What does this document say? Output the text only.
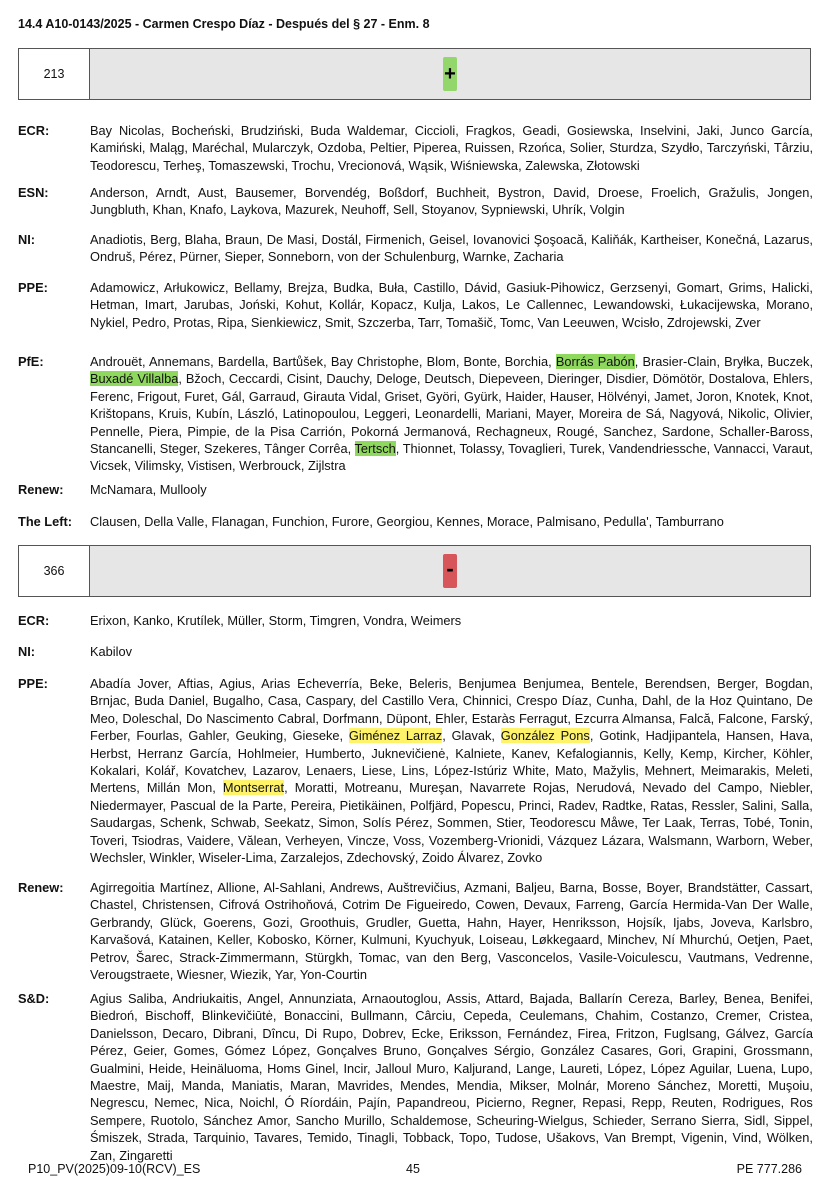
14.4 A10-0143/2025 - Carmen Crespo Díaz - Después del § 27 - Enm. 8
213	+
ECR:	Bay Nicolas, Bocheński, Brudziński, Buda Waldemar, Ciccioli, Fragkos, Geadi, Gosiewska, Inselvini, Jaki, Junco García, Kamiński, Maląg, Maréchal, Mularczyk, Ozdoba, Peltier, Piperea, Ruissen, Rzońca, Solier, Sturdza, Szydło, Tarczyński, Târziu, Teodorescu, Terheş, Tomaszewski, Trochu, Vrecionová, Wąsik, Wiśniewska, Zalewska, Złotowski
ESN:	Anderson, Arndt, Aust, Bausemer, Borvendég, Boßdorf, Buchheit, Bystron, David, Droese, Froelich, Gražulis, Jongen, Jungbluth, Khan, Knafo, Laykova, Mazurek, Neuhoff, Sell, Stoyanov, Sypniewski, Uhrík, Volgin
NI:	Anadiotis, Berg, Blaha, Braun, De Masi, Dostál, Firmenich, Geisel, Iovanovici Şoşoacă, Kaliňák, Kartheiser, Konečná, Lazarus, Ondruš, Pérez, Pürner, Sieper, Sonneborn, von der Schulenburg, Warnke, Zacharia
PPE:	Adamowicz, Arłukowicz, Bellamy, Brejza, Budka, Buła, Castillo, Dávid, Gasiuk-Pihowicz, Gerzsenyi, Gomart, Grims, Halicki, Hetman, Imart, Jarubas, Joński, Kohut, Kollár, Kopacz, Kulja, Lakos, Le Callennec, Lewandowski, Łukacijewska, Morano, Nykiel, Pedro, Protas, Ripa, Sienkiewicz, Smit, Szczerba, Tarr, Tomašič, Tomc, Van Leeuwen, Wcisło, Zdrojewski, Zver
PfE:	Androuët, Annemans, Bardella, Bartůšek, Bay Christophe, Blom, Bonte, Borchia, Borrás Pabón, Brasier-Clain, Bryłka, Buczek, Buxadé Villalba, Bžoch, Ceccardi, Cisint, Dauchy, Deloge, Deutsch, Diepeveen, Dieringer, Disdier, Dömötör, Dostalova, Ehlers, Ferenc, Frigout, Furet, Gál, Garraud, Girauta Vidal, Griset, Györi, Gyürk, Haider, Hauser, Hölvényi, Jamet, Joron, Knotek, Knot, Krištopans, Kruis, Kubín, László, Latinopoulou, Leggeri, Leonardelli, Mariani, Mayer, Moreira de Sá, Nagyová, Nikolic, Olivier, Pennelle, Piera, Pimpie, de la Pisa Carrión, Pokorná Jermanová, Rechagneux, Rougé, Sanchez, Sardone, Schaller-Baross, Stancanelli, Steger, Szekeres, Tânger Corrêa, Tertsch, Thionnet, Tolassy, Tovaglieri, Turek, Vandendriessche, Vannacci, Varaut, Vicsek, Vilimsky, Vistisen, Werbrouck, Zijlstra
Renew:	McNamara, Mullooly
The Left:	Clausen, Della Valle, Flanagan, Funchion, Furore, Georgiou, Kennes, Morace, Palmisano, Pedulla', Tamburrano
366	-
ECR:	Erixon, Kanko, Krutílek, Müller, Storm, Timgren, Vondra, Weimers
NI:	Kabilov
PPE:	Abadía Jover, Aftias, Agius, Arias Echeverría, Beke, Beleris, Benjumea Benjumea, Bentele, Berendsen, Berger, Bogdan, Brnjac, Buda Daniel, Bugalho, Casa, Caspary, del Castillo Vera, Chinnici, Crespo Díaz, Cunha, Dahl, de la Hoz Quintano, De Meo, Doleschal, Do Nascimento Cabral, Dorfmann, Düpont, Ehler, Estaràs Ferragut, Ezcurra Almansa, Falcă, Falcone, Farský, Ferber, Fourlas, Gahler, Geuking, Gieseke, Giménez Larraz, Glavak, González Pons, Gotink, Hadjipantela, Hansen, Hava, Herbst, Herranz García, Hohlmeier, Humberto, Juknevičienė, Kalniete, Kanev, Kefalogiannis, Kelly, Kemp, Kircher, Köhler, Kokalari, Kolář, Kovatchev, Lazarov, Lenaers, Liese, Lins, López-Istúriz White, Mato, Mažylis, Mehnert, Meimarakis, Meleti, Mertens, Millán Mon, Montserrat, Moratti, Motreanu, Mureşan, Navarrete Rojas, Nerudová, Nevado del Campo, Niebler, Niedermayer, Pascual de la Parte, Pereira, Pietikäinen, Polfjärd, Popescu, Princi, Radev, Radtke, Ratas, Ressler, Salini, Salla, Saudargas, Schenk, Schwab, Seekatz, Simon, Solís Pérez, Sommen, Stier, Teodorescu Måwe, Ter Laak, Terras, Tobé, Tonin, Toveri, Tsiodras, Vaidere, Vălean, Verheyen, Vincze, Voss, Vozemberg-Vrionidi, Vázquez Lázara, Walsmann, Warborn, Weber, Wechsler, Winkler, Wiseler-Lima, Zarzalejos, Zdechovský, Zoido Álvarez, Zovko
Renew:	Agirregoitia Martínez, Allione, Al-Sahlani, Andrews, Auštrevičius, Azmani, Baljeu, Barna, Bosse, Boyer, Brandstätter, Cassart, Chastel, Christensen, Cifrová Ostrihoňová, Cotrim De Figueiredo, Cowen, Devaux, Farreng, García Hermida-Van Der Walle, Gerbrandy, Glück, Goerens, Gozi, Groothuis, Grudler, Guetta, Hahn, Hayer, Henriksson, Hojsík, Ijabs, Joveva, Karlsbro, Karvašová, Katainen, Keller, Kobosko, Körner, Kulmuni, Kyuchyuk, Loiseau, Løkkegaard, Minchev, Ní Mhurchú, Oetjen, Paet, Petrov, Šarec, Strack-Zimmermann, Stürgkh, Tomac, van den Berg, Vasconcelos, Vasile-Voiculescu, Vautmans, Vedrenne, Verougstraete, Wiesner, Wiezik, Yar, Yon-Courtin
S&D:	Agius Saliba, Andriukaitis, Angel, Annunziata, Arnaoutoglou, Assis, Attard, Bajada, Ballarín Cereza, Barley, Benea, Benifei, Biedroń, Bischoff, Blinkevičiūtė, Bonaccini, Bullmann, Cârciu, Cepeda, Ceulemans, Chahim, Costanzo, Cremer, Cristea, Danielsson, Decaro, Dibrani, Dîncu, Di Rupo, Dobrev, Ecke, Eriksson, Fernández, Firea, Fritzon, Fuglsang, Gálvez, García Pérez, Geier, Gomes, Gómez López, Gonçalves Bruno, Gonçalves Sérgio, González Casares, Gori, Grapini, Grossmann, Gualmini, Heide, Heinäluoma, Homs Ginel, Incir, Jalloul Muro, Kaljurand, Lange, Laureti, López, López Aguilar, Luena, Lupo, Maestre, Maij, Manda, Maniatis, Maran, Mavrides, Mendes, Mendia, Mikser, Molnár, Moreno Sánchez, Moretti, Muşoiu, Negrescu, Nemec, Nica, Noichl, Ó Ríordáin, Pajín, Papandreou, Picierno, Regner, Repasi, Repp, Reuten, Rodrigues, Ros Sempere, Ruotolo, Sánchez Amor, Sancho Murillo, Schaldemose, Scheuring-Wielgus, Schieder, Serrano Sierra, Sidl, Sippel, Śmiszek, Strada, Tarquinio, Tavares, Temido, Tinagli, Tobback, Topo, Tudose, Ušakovs, Van Brempt, Vigenin, Vind, Wölken, Zan, Zingaretti
P10_PV(2025)09-10(RCV)_ES	45	PE 777.286
